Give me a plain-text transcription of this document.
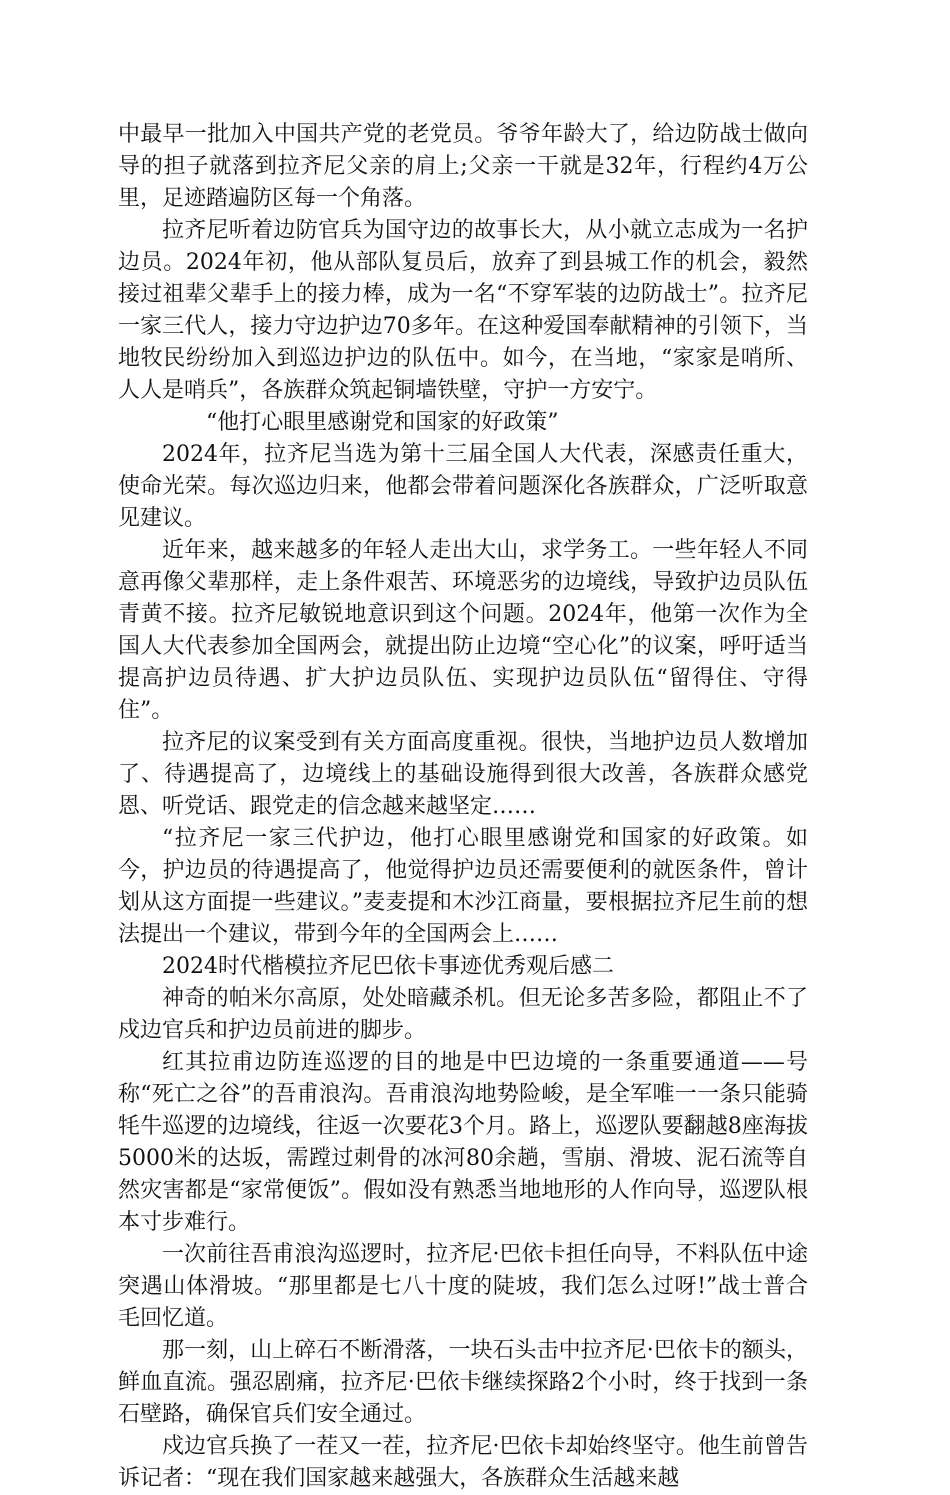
中最早一批加入中国共产党的老党员。爷爷年龄大了，给边防战士做向导的担子就落到拉齐尼父亲的肩上;父亲一干就是32年，行程约4万公里，足迹踏遍防区每一个角落。

拉齐尼听着边防官兵为国守边的故事长大，从小就立志成为一名护边员。2024年初，他从部队复员后，放弃了到县城工作的机会，毅然接过祖辈父辈手上的接力棒，成为一名“不穿军装的边防战士”。拉齐尼一家三代人，接力守边护边70多年。在这种爱国奉献精神的引领下，当地牧民纷纷加入到巡边护边的队伍中。如今，在当地，“家家是哨所、人人是哨兵”，各族群众筑起铜墙铁壁，守护一方安宁。

“他打心眼里感谢党和国家的好政策”

2024年，拉齐尼当选为第十三届全国人大代表，深感责任重大，使命光荣。每次巡边归来，他都会带着问题深化各族群众，广泛听取意见建议。

近年来，越来越多的年轻人走出大山，求学务工。一些年轻人不同意再像父辈那样，走上条件艰苦、环境恶劣的边境线，导致护边员队伍青黄不接。拉齐尼敏锐地意识到这个问题。2024年，他第一次作为全国人大代表参加全国两会，就提出防止边境“空心化”的议案，呼吁适当提高护边员待遇、扩大护边员队伍、实现护边员队伍“留得住、守得住”。

拉齐尼的议案受到有关方面高度重视。很快，当地护边员人数增加了、待遇提高了，边境线上的基础设施得到很大改善，各族群众感党恩、听党话、跟党走的信念越来越坚定……

“拉齐尼一家三代护边，他打心眼里感谢党和国家的好政策。如今，护边员的待遇提高了，他觉得护边员还需要便利的就医条件，曾计划从这方面提一些建议。”麦麦提和木沙江商量，要根据拉齐尼生前的想法提出一个建议，带到今年的全国两会上……

2024时代楷模拉齐尼巴依卡事迹优秀观后感二

神奇的帕米尔高原，处处暗藏杀机。但无论多苦多险，都阻止不了戍边官兵和护边员前进的脚步。

红其拉甫边防连巡逻的目的地是中巴边境的一条重要通道——号称“死亡之谷”的吾甫浪沟。吾甫浪沟地势险峻，是全军唯一一条只能骑牦牛巡逻的边境线，往返一次要花3个月。路上，巡逻队要翻越8座海拔5000米的达坂，需蹚过刺骨的冰河80余趟，雪崩、滑坡、泥石流等自然灾害都是“家常便饭”。假如没有熟悉当地地形的人作向导，巡逻队根本寸步难行。

一次前往吾甫浪沟巡逻时，拉齐尼·巴依卡担任向导，不料队伍中途突遇山体滑坡。“那里都是七八十度的陡坡，我们怎么过呀!”战士普合毛回忆道。

那一刻，山上碎石不断滑落，一块石头击中拉齐尼·巴依卡的额头，鲜血直流。强忍剧痛，拉齐尼·巴依卡继续探路2个小时，终于找到一条石壁路，确保官兵们安全通过。

戍边官兵换了一茬又一茬，拉齐尼·巴依卡却始终坚守。他生前曾告诉记者：“现在我们国家越来越强大，各族群众生活越来越
